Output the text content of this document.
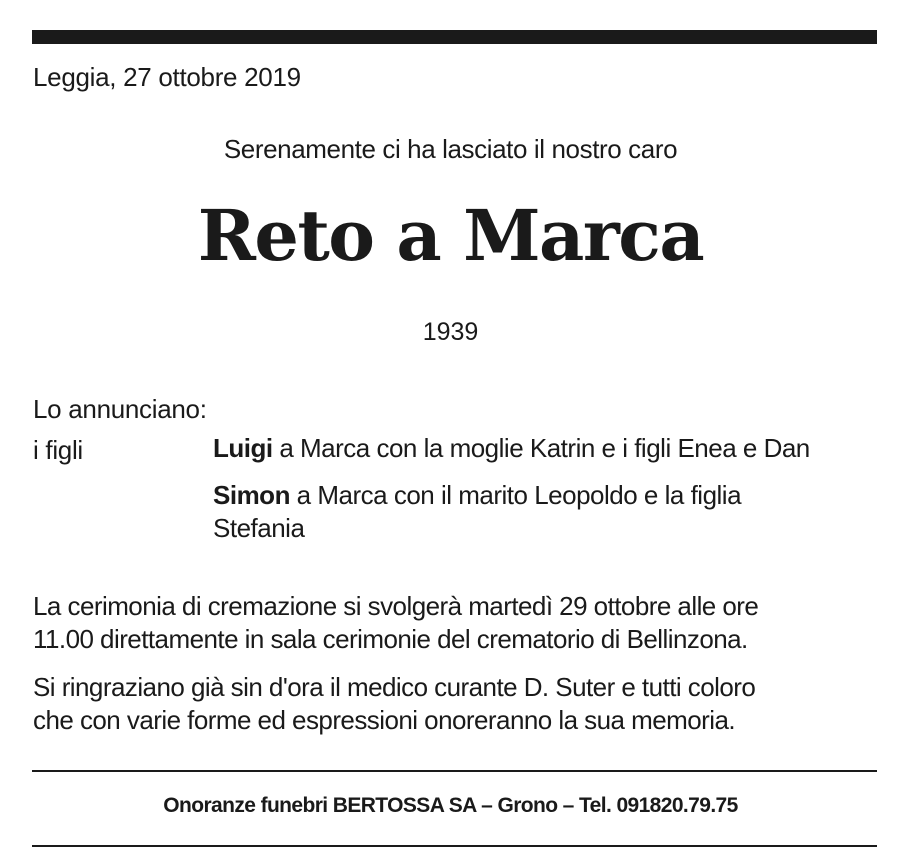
Leggia, 27 ottobre 2019
Serenamente ci ha lasciato il nostro caro
Reto a Marca
1939
Lo annunciano:
i figli	Luigi a Marca con la moglie Katrin e i figli Enea e Dan
Simon a Marca con il marito Leopoldo e la figlia
Stefania
La cerimonia di cremazione si svolgerà martedì 29 ottobre alle ore
11.00 direttamente in sala cerimonie del crematorio di Bellinzona.
Si ringraziano già sin d'ora il medico curante D. Suter e tutti coloro
che con varie forme ed espressioni onoreranno la sua memoria.
Onoranze funebri BERTOSSA SA – Grono – Tel. 091820.79.75
